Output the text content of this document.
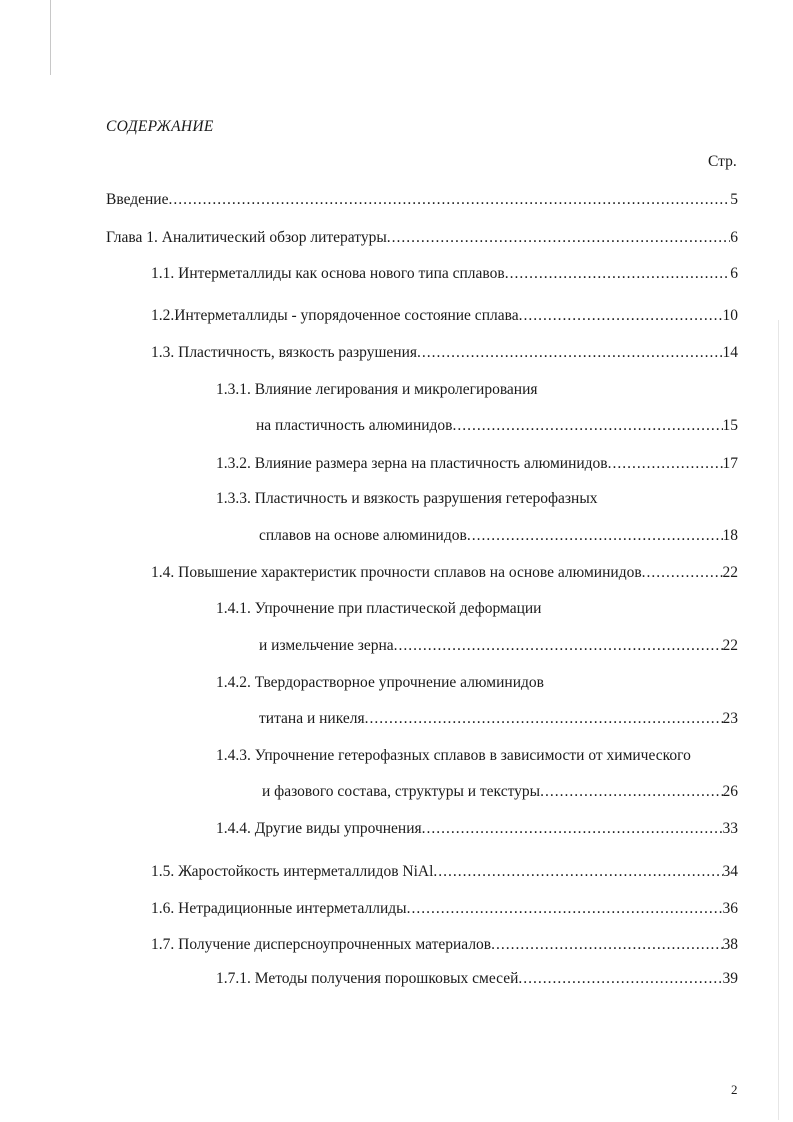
СОДЕРЖАНИЕ
Стр.
Введение .....	5
Глава 1. Аналитический обзор литературы .....	6
1.1. Интерметаллиды как основа нового типа сплавов .....	6
1.2.Интерметаллиды - упорядоченное состояние сплава .....	10
1.3. Пластичность, вязкость разрушения .....	14
1.3.1. Влияние легирования и микролегирования
на пластичность алюминидов .....	15
1.3.2. Влияние размера зерна на пластичность алюминидов .....	17
1.3.3. Пластичность и вязкость разрушения гетерофазных
сплавов на основе алюминидов .....	18
1.4. Повышение характеристик прочности сплавов на основе алюминидов .....	22
1.4.1. Упрочнение при пластической деформации
и измельчение зерна .....	22
1.4.2. Твердорастворное упрочнение алюминидов
титана и никеля .....	23
1.4.3. Упрочнение гетерофазных сплавов в зависимости от химического
и фазового состава, структуры и текстуры .....	26
1.4.4. Другие виды упрочнения .....	33
1.5. Жаростойкость интерметаллидов NiAl .....	34
1.6. Нетрадиционные интерметаллиды .....	36
1.7. Получение дисперсноупрочненных материалов .....	38
1.7.1. Методы получения порошковых смесей .....	39
2
